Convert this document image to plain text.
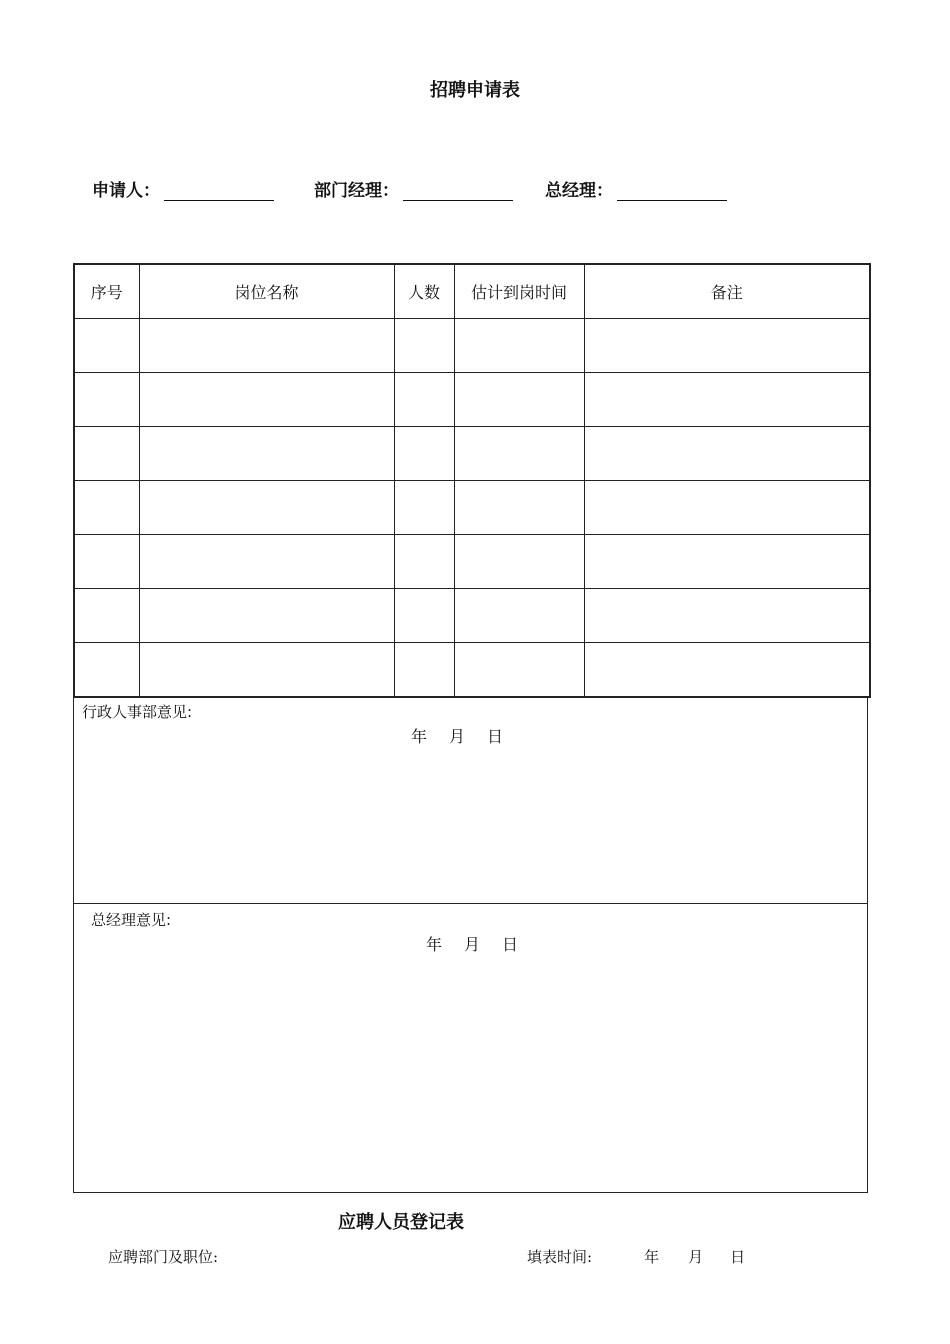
招聘申请表
申请人：	部门经理：	总经理：
序号	岗位名称	人数	估计到岗时间	备注

行政人事部意见:
年 月 日
总经理意见:
年 月 日
应聘人员登记表
应聘部门及职位:	填表时间:	年 月 日
